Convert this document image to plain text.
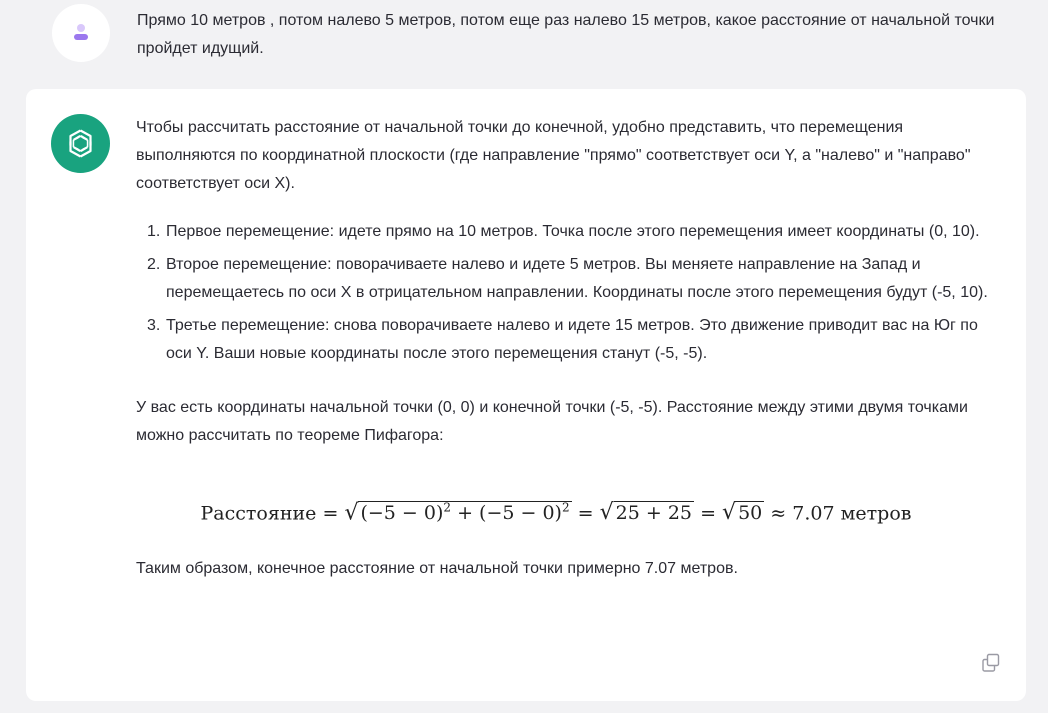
Прямо 10 метров , потом налево 5 метров, потом еще раз налево 15 метров, какое расстояние от начальной точки пройдет идущий.

Чтобы рассчитать расстояние от начальной точки до конечной, удобно представить, что перемещения выполняются по координатной плоскости (где направление "прямо" соответствует оси Y, а "налево" и "направо" соответствует оси X).

Первое перемещение: идете прямо на 10 метров. Точка после этого перемещения имеет координаты (0, 10).
Второе перемещение: поворачиваете налево и идете 5 метров. Вы меняете направление на Запад и перемещаетесь по оси X в отрицательном направлении. Координаты после этого перемещения будут (-5, 10).
Третье перемещение: снова поворачиваете налево и идете 15 метров. Это движение приводит вас на Юг по оси Y. Ваши новые координаты после этого перемещения станут (-5, -5).

У вас есть координаты начальной точки (0, 0) и конечной точки (-5, -5). Расстояние между этими двумя точками можно рассчитать по теореме Пифагора:

Расстояние = √ $(-5 - 0)^2 + (-5 - 0)^2$ = √ 25 + 25 = √ 50 ≈ 7.07 метров

Таким образом, конечное расстояние от начальной точки примерно 7.07 метров.
